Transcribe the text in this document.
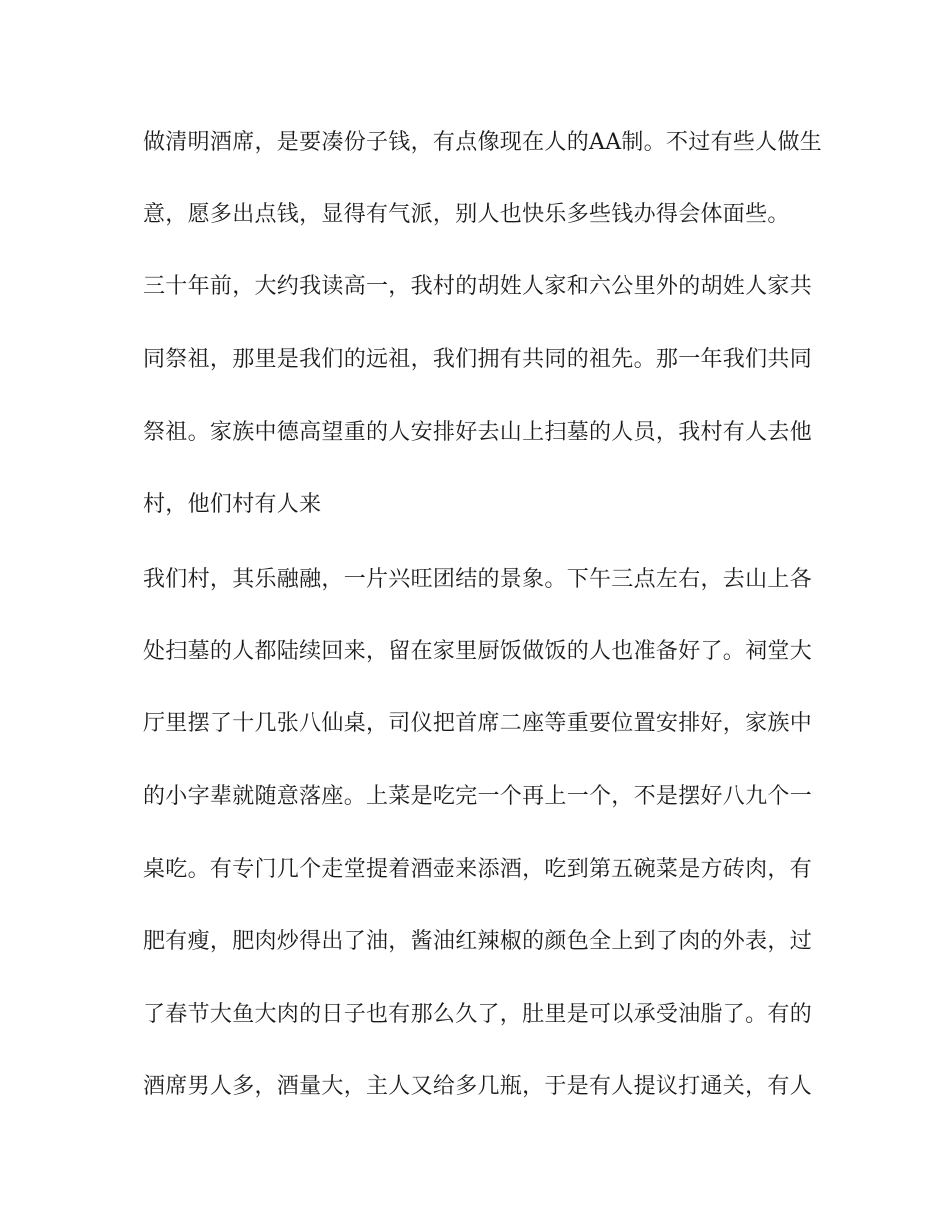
做清明酒席，是要凑份子钱，有点像现在人的AA制。不过有些人做生

意，愿多出点钱，显得有气派，别人也快乐多些钱办得会体面些。

三十年前，大约我读高一，我村的胡姓人家和六公里外的胡姓人家共

同祭祖，那里是我们的远祖，我们拥有共同的祖先。那一年我们共同

祭祖。家族中德高望重的人安排好去山上扫墓的人员，我村有人去他

村，他们村有人来

我们村，其乐融融，一片兴旺团结的景象。下午三点左右，去山上各

处扫墓的人都陆续回来，留在家里厨饭做饭的人也准备好了。祠堂大

厅里摆了十几张八仙桌，司仪把首席二座等重要位置安排好，家族中

的小字辈就随意落座。上菜是吃完一个再上一个，不是摆好八九个一

桌吃。有专门几个走堂提着酒壶来添酒，吃到第五碗菜是方砖肉，有

肥有瘦，肥肉炒得出了油，酱油红辣椒的颜色全上到了肉的外表，过

了春节大鱼大肉的日子也有那么久了，肚里是可以承受油脂了。有的

酒席男人多，酒量大，主人又给多几瓶，于是有人提议打通关，有人
